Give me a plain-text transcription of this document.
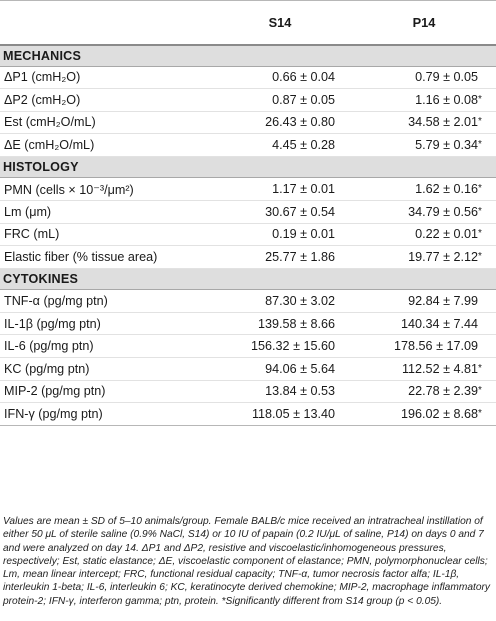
	S14	P14
MECHANICS		
ΔP1 (cmH₂O)	0.66 ± 0.04	0.79 ± 0.05
ΔP2 (cmH₂O)	0.87 ± 0.05	1.16 ± 0.08*
Est (cmH₂O/mL)	26.43 ± 0.80	34.58 ± 2.01*
ΔE (cmH₂O/mL)	4.45 ± 0.28	5.79 ± 0.34*
HISTOLOGY		
PMN (cells × 10⁻³/μm²)	1.17 ± 0.01	1.62 ± 0.16*
Lm (μm)	30.67 ± 0.54	34.79 ± 0.56*
FRC (mL)	0.19 ± 0.01	0.22 ± 0.01*
Elastic fiber (% tissue area)	25.77 ± 1.86	19.77 ± 2.12*
CYTOKINES		
TNF-α (pg/mg ptn)	87.30 ± 3.02	92.84 ± 7.99
IL-1β (pg/mg ptn)	139.58 ± 8.66	140.34 ± 7.44
IL-6 (pg/mg ptn)	156.32 ± 15.60	178.56 ± 17.09
KC (pg/mg ptn)	94.06 ± 5.64	112.52 ± 4.81*
MIP-2 (pg/mg ptn)	13.84 ± 0.53	22.78 ± 2.39*
IFN-γ (pg/mg ptn)	118.05 ± 13.40	196.02 ± 8.68*

Values are mean ± SD of 5–10 animals/group. Female BALB/c mice received an intratracheal instillation of either 50 μL of sterile saline (0.9% NaCl, S14) or 10 IU of papain (0.2 IU/μL of saline, P14) on days 0 and 7 and were analyzed on day 14. ΔP1 and ΔP2, resistive and viscoelastic/inhomogeneous pressures, respectively; Est, static elastance; ΔE, viscoelastic component of elastance; PMN, polymorphonuclear cells; Lm, mean linear intercept; FRC, functional residual capacity; TNF-α, tumor necrosis factor alfa; IL-1β, interleukin 1-beta; IL-6, interleukin 6; KC, keratinocyte derived chemokine; MIP-2, macrophage inflammatory protein-2; IFN-γ, interferon gamma; ptn, protein. *Significantly different from S14 group (p < 0.05).
